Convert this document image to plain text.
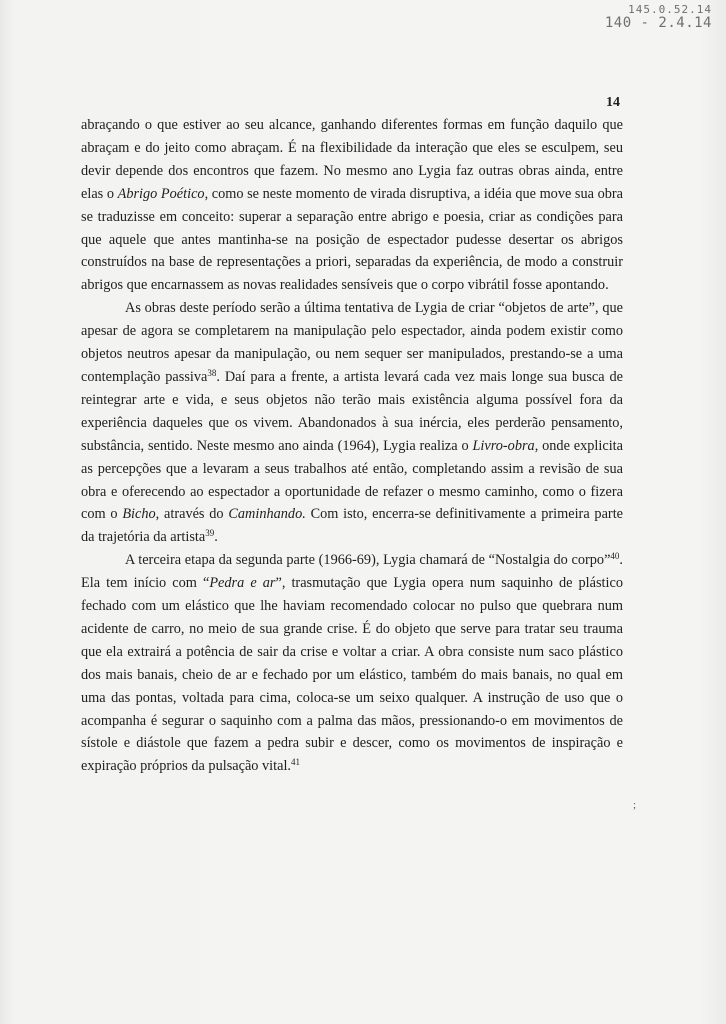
145.0.52.14
140 - 2.4.14
14

abraçando o que estiver ao seu alcance, ganhando diferentes formas em função daquilo que abraçam e do jeito como abraçam. É na flexibilidade da interação que eles se esculpem, seu devir depende dos encontros que fazem. No mesmo ano Lygia faz outras obras ainda, entre elas o Abrigo Poético, como se neste momento de virada disruptiva, a idéia que move sua obra se traduzisse em conceito: superar a separação entre abrigo e poesia, criar as condições para que aquele que antes mantinha-se na posição de espectador pudesse desertar os abrigos construídos na base de representações a priori, separadas da experiência, de modo a construir abrigos que encarnassem as novas realidades sensíveis que o corpo vibrátil fosse apontando.

As obras deste período serão a última tentativa de Lygia de criar “objetos de arte”, que apesar de agora se completarem na manipulação pelo espectador, ainda podem existir como objetos neutros apesar da manipulação, ou nem sequer ser manipulados, prestando-se a uma contemplação passiva$^{38}$. Daí para a frente, a artista levará cada vez mais longe sua busca de reintegrar arte e vida, e seus objetos não terão mais existência alguma possível fora da experiência daqueles que os vivem. Abandonados à sua inércia, eles perderão pensamento, substância, sentido. Neste mesmo ano ainda (1964), Lygia realiza o Livro-obra, onde explicita as percepções que a levaram a seus trabalhos até então, completando assim a revisão de sua obra e oferecendo ao espectador a oportunidade de refazer o mesmo caminho, como o fizera com o Bicho, através do Caminhando. Com isto, encerra-se definitivamente a primeira parte da trajetória da artista$^{39}$.

A terceira etapa da segunda parte (1966-69), Lygia chamará de “Nostalgia do corpo”$^{40}$. Ela tem início com “Pedra e ar”, trasmutação que Lygia opera num saquinho de plástico fechado com um elástico que lhe haviam recomendado colocar no pulso que quebrara num acidente de carro, no meio de sua grande crise. É do objeto que serve para tratar seu trauma que ela extrairá a potência de sair da crise e voltar a criar. A obra consiste num saco plástico dos mais banais, cheio de ar e fechado por um elástico, também do mais banais, no qual em uma das pontas, voltada para cima, coloca-se um seixo qualquer. A instrução de uso que o acompanha é segurar o saquinho com a palma das mãos, pressionando-o em movimentos de sístole e diástole que fazem a pedra subir e descer, como os movimentos de inspiração e expiração próprios da pulsação vital.$^{41}$

;
